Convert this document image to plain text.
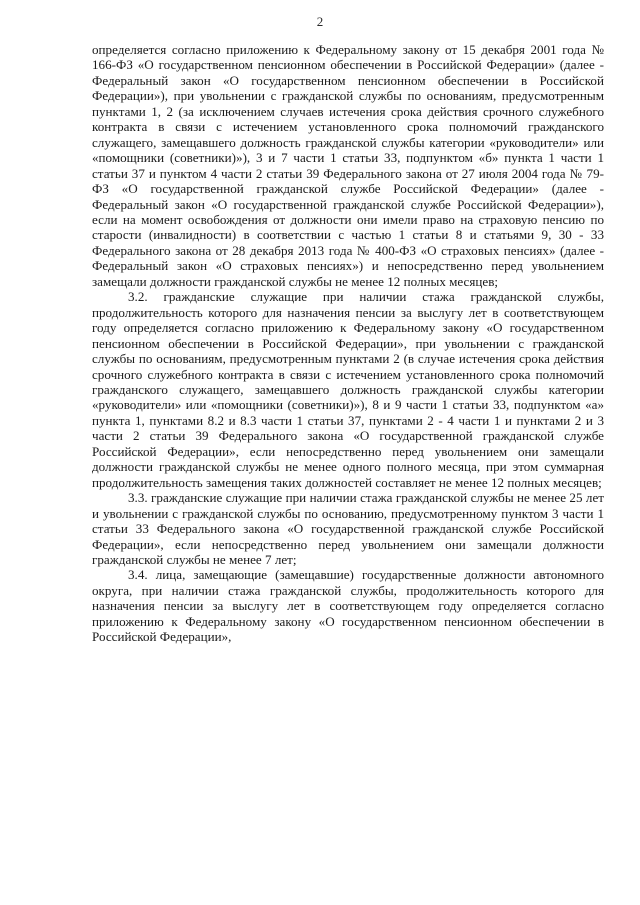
2

определяется согласно приложению к Федеральному закону от 15 декабря 2001 года № 166-ФЗ «О государственном пенсионном обеспечении в Российской Федерации» (далее - Федеральный закон «О государственном пенсионном обеспечении в Российской Федерации»), при увольнении с гражданской службы по основаниям, предусмотренным пунктами 1, 2 (за исключением случаев истечения срока действия срочного служебного контракта в связи с истечением установленного срока полномочий гражданского служащего, замещавшего должность гражданской службы категории «руководители» или «помощники (советники)»), 3 и 7 части 1 статьи 33, подпунктом «б» пункта 1 части 1 статьи 37 и пунктом 4 части 2 статьи 39 Федерального закона от 27 июля 2004 года № 79-ФЗ «О государственной гражданской службе Российской Федерации» (далее - Федеральный закон «О государственной гражданской службе Российской Федерации»), если на момент освобождения от должности они имели право на страховую пенсию по старости (инвалидности) в соответствии с частью 1 статьи 8 и статьями 9, 30 - 33 Федерального закона от 28 декабря 2013 года № 400-ФЗ «О страховых пенсиях» (далее - Федеральный закон «О страховых пенсиях») и непосредственно перед увольнением замещали должности гражданской службы не менее 12 полных месяцев;

3.2. гражданские служащие при наличии стажа гражданской службы, продолжительность которого для назначения пенсии за выслугу лет в соответствующем году определяется согласно приложению к Федеральному закону «О государственном пенсионном обеспечении в Российской Федерации», при увольнении с гражданской службы по основаниям, предусмотренным пунктами 2 (в случае истечения срока действия срочного служебного контракта в связи с истечением установленного срока полномочий гражданского служащего, замещавшего должность гражданской службы категории «руководители» или «помощники (советники)»), 8 и 9 части 1 статьи 33, подпунктом «а» пункта 1, пунктами 8.2 и 8.3 части 1 статьи 37, пунктами 2 - 4 части 1 и пунктами 2 и 3 части 2 статьи 39 Федерального закона «О государственной гражданской службе Российской Федерации», если непосредственно перед увольнением они замещали должности гражданской службы не менее одного полного месяца, при этом суммарная продолжительность замещения таких должностей составляет не менее 12 полных месяцев;

3.3. гражданские служащие при наличии стажа гражданской службы не менее 25 лет и увольнении с гражданской службы по основанию, предусмотренному пунктом 3 части 1 статьи 33 Федерального закона «О государственной гражданской службе Российской Федерации», если непосредственно перед увольнением они замещали должности гражданской службы не менее 7 лет;

3.4. лица, замещающие (замещавшие) государственные должности автономного округа, при наличии стажа гражданской службы, продолжительность которого для назначения пенсии за выслугу лет в соответствующем году определяется согласно приложению к Федеральному закону «О государственном пенсионном обеспечении в Российской Федерации»,
